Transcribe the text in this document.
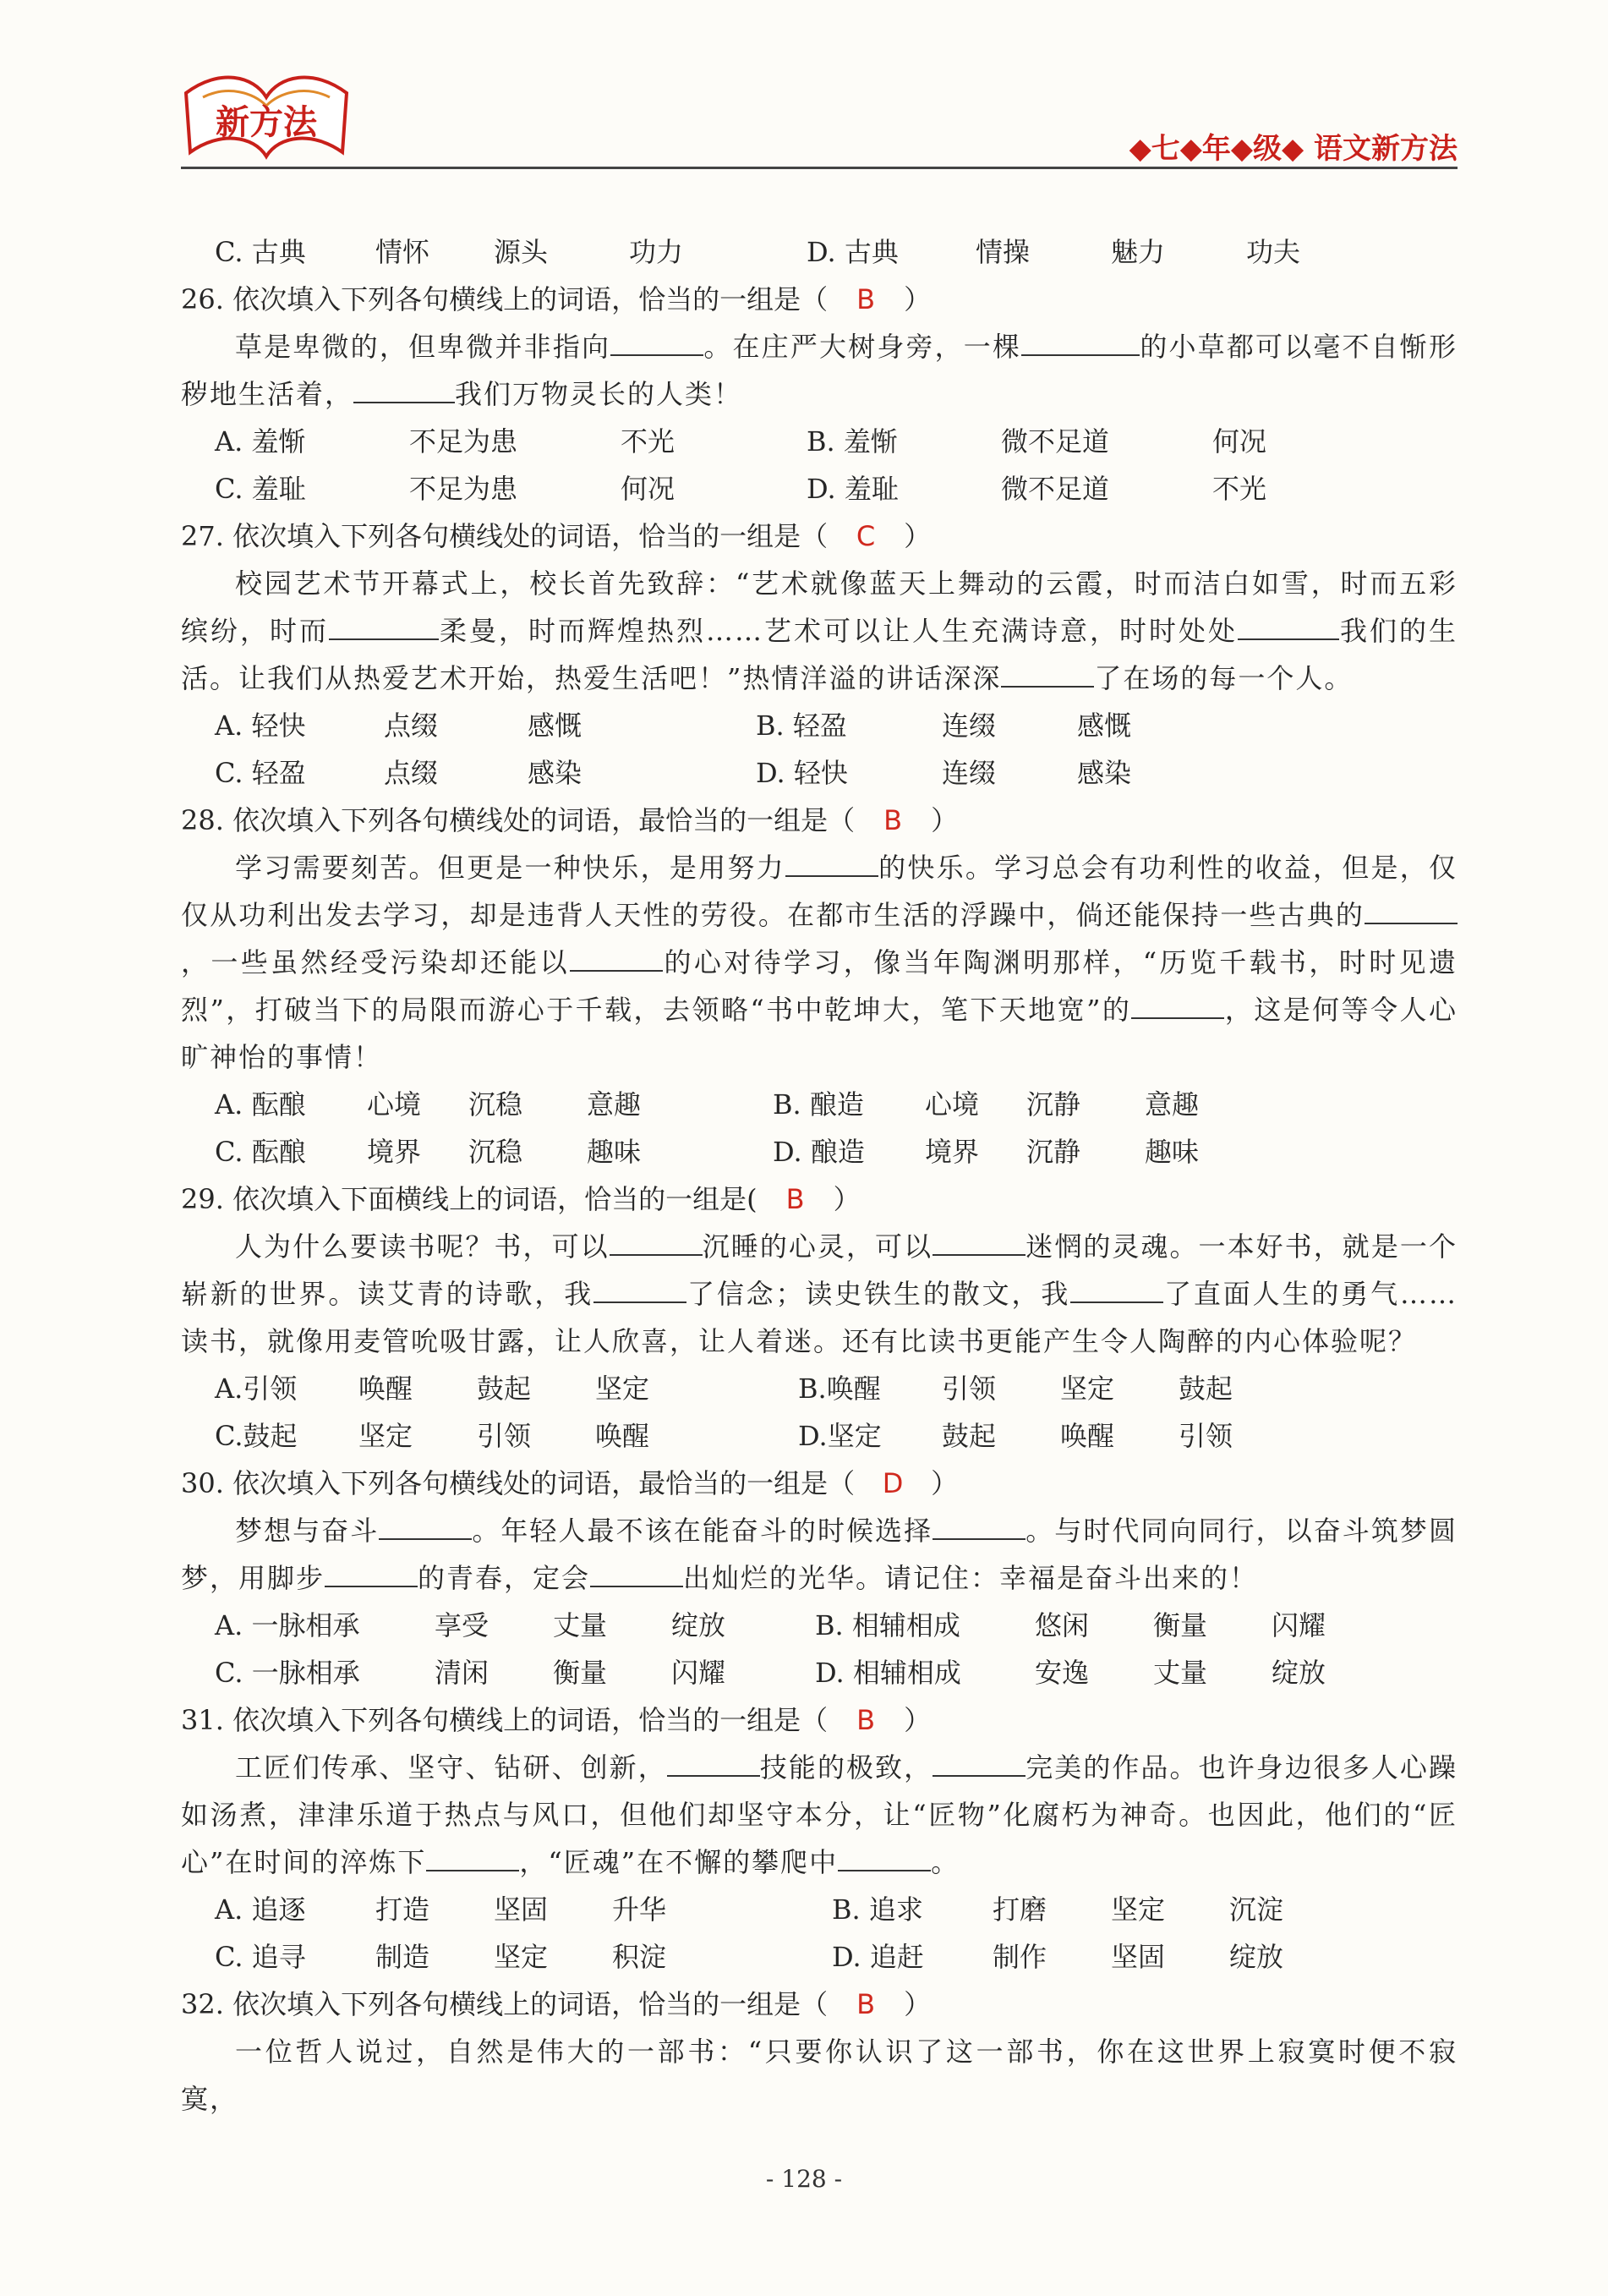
新方法
◆七◆年◆级◆ 语文新方法
C. 古典	情怀 源头	功力	D. 古典	情操	魅力	功夫
26. 依次填入下列各句横线上的词语，恰当的一组是（ B ）
草是卑微的，但卑微并非指向	。在庄严大树身旁，一棵	的小草都可以毫不自惭形秽地生活着，	我们万物灵长的人类！
A. 羞惭	不足为患	不光	B. 羞惭	微不足道	何况
C. 羞耻	不足为患	何况	D. 羞耻	微不足道	不光
27. 依次填入下列各句横线处的词语，恰当的一组是（ C ）
校园艺术节开幕式上，校长首先致辞：“艺术就像蓝天上舞动的云霞，时而洁白如雪，时而五彩缤纷，时而	柔曼，时而辉煌热烈……艺术可以让人生充满诗意，时时处处	我们的生活。让我们从热爱艺术开始，热爱生活吧！”热情洋溢的讲话深深	了在场的每一个人。
A. 轻快	点缀	感慨	B. 轻盈	连缀	感慨
C. 轻盈	点缀	感染	D. 轻快	连缀	感染
28. 依次填入下列各句横线处的词语，最恰当的一组是（ B ）
学习需要刻苦。但更是一种快乐，是用努力	的快乐。学习总会有功利性的收益，但是，仅仅从功利出发去学习，却是违背人天性的劳役。在都市生活的浮躁中，倘还能保持一些古典的，一些虽然经受污染却还能以	的心对待学习，像当年陶渊明那样，“历览千载书，时时见遗烈”，打破当下的局限而游心于千载，去领略“书中乾坤大，笔下天地宽”的	，这是何等令人心旷神怡的事情！
A. 酝酿 心境 沉稳 意趣	B. 酿造 心境 沉静 意趣
C. 酝酿 境界 沉稳 趣味	D. 酿造 境界 沉静 趣味
29. 依次填入下面横线上的词语，恰当的一组是( B ）
人为什么要读书呢？书，可以	沉睡的心灵，可以	迷惘的灵魂。一本好书，就是一个崭新的世界。读艾青的诗歌，我	了信念；读史铁生的散文，我	了直面人生的勇气……读书，就像用麦管吮吸甘露，让人欣喜，让人着迷。还有比读书更能产生令人陶醉的内心体验呢？
A.引领 唤醒 鼓起 坚定	B.唤醒 引领 坚定 鼓起
C.鼓起 坚定 引领 唤醒	D.坚定 鼓起 唤醒 引领
30. 依次填入下列各句横线处的词语，最恰当的一组是（ D ）
梦想与奋斗	。年轻人最不该在能奋斗的时候选择	。与时代同向同行，以奋斗筑梦圆梦，用脚步	的青春，定会	出灿烂的光华。请记住：幸福是奋斗出来的！
A. 一脉相承	享受 丈量 绽放	B. 相辅相成	悠闲 衡量 闪耀
C. 一脉相承	清闲 衡量 闪耀	D. 相辅相成	安逸 丈量 绽放
31. 依次填入下列各句横线上的词语，恰当的一组是（ B ）
工匠们传承、坚守、钻研、创新，	技能的极致，	完美的作品。也许身边很多人心躁如汤煮，津津乐道于热点与风口，但他们却坚守本分，让“匠物”化腐朽为神奇。也因此，他们的“匠心”在时间的淬炼下	，“匠魂”在不懈的攀爬中	。
A. 追逐	打造 坚固 升华	B. 追求	打磨 坚定 沉淀
C. 追寻	制造 坚定 积淀	D. 追赶	制作 坚固 绽放
32. 依次填入下列各句横线上的词语，恰当的一组是（ B ）
一位哲人说过，自然是伟大的一部书：“只要你认识了这一部书，你在这世界上寂寞时便不寂寞，
- 128 -
